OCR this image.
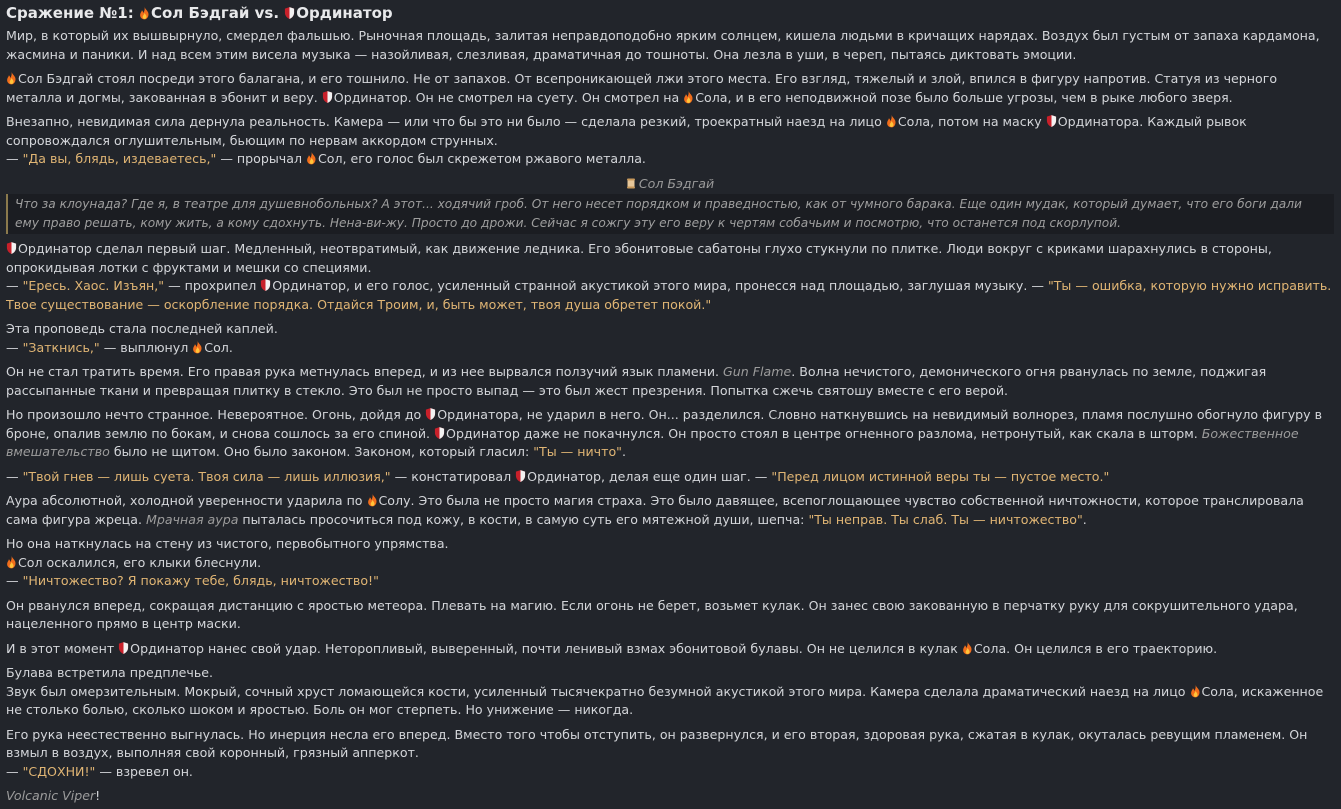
Сражение №1: Сол Бэдгай vs. Ординатор

Мир, в который их вышвырнуло, смердел фальшью. Рыночная площадь, залитая неправдоподобно ярким солнцем, кишела людьми в кричащих нарядах. Воздух был густым от запаха кардамона, жасмина и паники. И над всем этим висела музыка — назойливая, слезливая, драматичная до тошноты. Она лезла в уши, в череп, пытаясь диктовать эмоции.

Сол Бэдгай стоял посреди этого балагана, и его тошнило. Не от запахов. От всепроникающей лжи этого места. Его взгляд, тяжелый и злой, впился в фигуру напротив. Статуя из черного металла и догмы, закованная в эбонит и веру. Ординатор. Он не смотрел на суету. Он смотрел на Сола, и в его неподвижной позе было больше угрозы, чем в рыке любого зверя.

Внезапно, невидимая сила дернула реальность. Камера — или что бы это ни было — сделала резкий, троекратный наезд на лицо Сола, потом на маску Ординатора. Каждый рывок сопровождался оглушительным, бьющим по нервам аккордом струнных.
— "Да вы, блядь, издеваетесь," — прорычал Сол, его голос был скрежетом ржавого металла.

Сол Бэдгай
Что за клоунада? Где я, в театре для душевнобольных? А этот... ходячий гроб. От него несет порядком и праведностью, как от чумного барака. Еще один мудак, который думает, что его боги дали ему право решать, кому жить, а кому сдохнуть. Нена-ви-жу. Просто до дрожи. Сейчас я сожгу эту его веру к чертям собачьим и посмотрю, что останется под скорлупой.

Ординатор сделал первый шаг. Медленный, неотвратимый, как движение ледника. Его эбонитовые сабатоны глухо стукнули по плитке. Люди вокруг с криками шарахнулись в стороны, опрокидывая лотки с фруктами и мешки со специями.
— "Ересь. Хаос. Изъян," — прохрипел Ординатор, и его голос, усиленный странной акустикой этого мира, пронесся над площадью, заглушая музыку. — "Ты — ошибка, которую нужно исправить. Твое существование — оскорбление порядка. Отдайся Троим, и, быть может, твоя душа обретет покой."

Эта проповедь стала последней каплей.
— "Заткнись," — выплюнул Сол.

Он не стал тратить время. Его правая рука метнулась вперед, и из нее вырвался ползучий язык пламени. Gun Flame. Волна нечистого, демонического огня рванулась по земле, поджигая рассыпанные ткани и превращая плитку в стекло. Это был не просто выпад — это был жест презрения. Попытка сжечь святошу вместе с его верой.

Но произошло нечто странное. Невероятное. Огонь, дойдя до Ординатора, не ударил в него. Он... разделился. Словно наткнувшись на невидимый волнорез, пламя послушно обогнуло фигуру в броне, опалив землю по бокам, и снова сошлось за его спиной. Ординатор даже не покачнулся. Он просто стоял в центре огненного разлома, нетронутый, как скала в шторм. Божественное вмешательство было не щитом. Оно было законом. Законом, который гласил: "Ты — ничто".

— "Твой гнев — лишь суета. Твоя сила — лишь иллюзия," — констатировал Ординатор, делая еще один шаг. — "Перед лицом истинной веры ты — пустое место."

Аура абсолютной, холодной уверенности ударила по Солу. Это была не просто магия страха. Это было давящее, всепоглощающее чувство собственной ничтожности, которое транслировала сама фигура жреца. Мрачная аура пыталась просочиться под кожу, в кости, в самую суть его мятежной души, шепча: "Ты неправ. Ты слаб. Ты — ничтожество".

Но она наткнулась на стену из чистого, первобытного упрямства.
Сол оскалился, его клыки блеснули.
— "Ничтожество? Я покажу тебе, блядь, ничтожество!"

Он рванулся вперед, сокращая дистанцию с яростью метеора. Плевать на магию. Если огонь не берет, возьмет кулак. Он занес свою закованную в перчатку руку для сокрушительного удара, нацеленного прямо в центр маски.

И в этот момент Ординатор нанес свой удар. Неторопливый, выверенный, почти ленивый взмах эбонитовой булавы. Он не целился в кулак Сола. Он целился в его траекторию.

Булава встретила предплечье.
Звук был омерзительным. Мокрый, сочный хруст ломающейся кости, усиленный тысячекратно безумной акустикой этого мира. Камера сделала драматический наезд на лицо Сола, искаженное не столько болью, сколько шоком и яростью. Боль он мог стерпеть. Но унижение — никогда.

Его рука неестественно выгнулась. Но инерция несла его вперед. Вместо того чтобы отступить, он развернулся, и его вторая, здоровая рука, сжатая в кулак, окуталась ревущим пламенем. Он взмыл в воздух, выполняя свой коронный, грязный апперкот.
— "СДОХНИ!" — взревел он.

Volcanic Viper!
